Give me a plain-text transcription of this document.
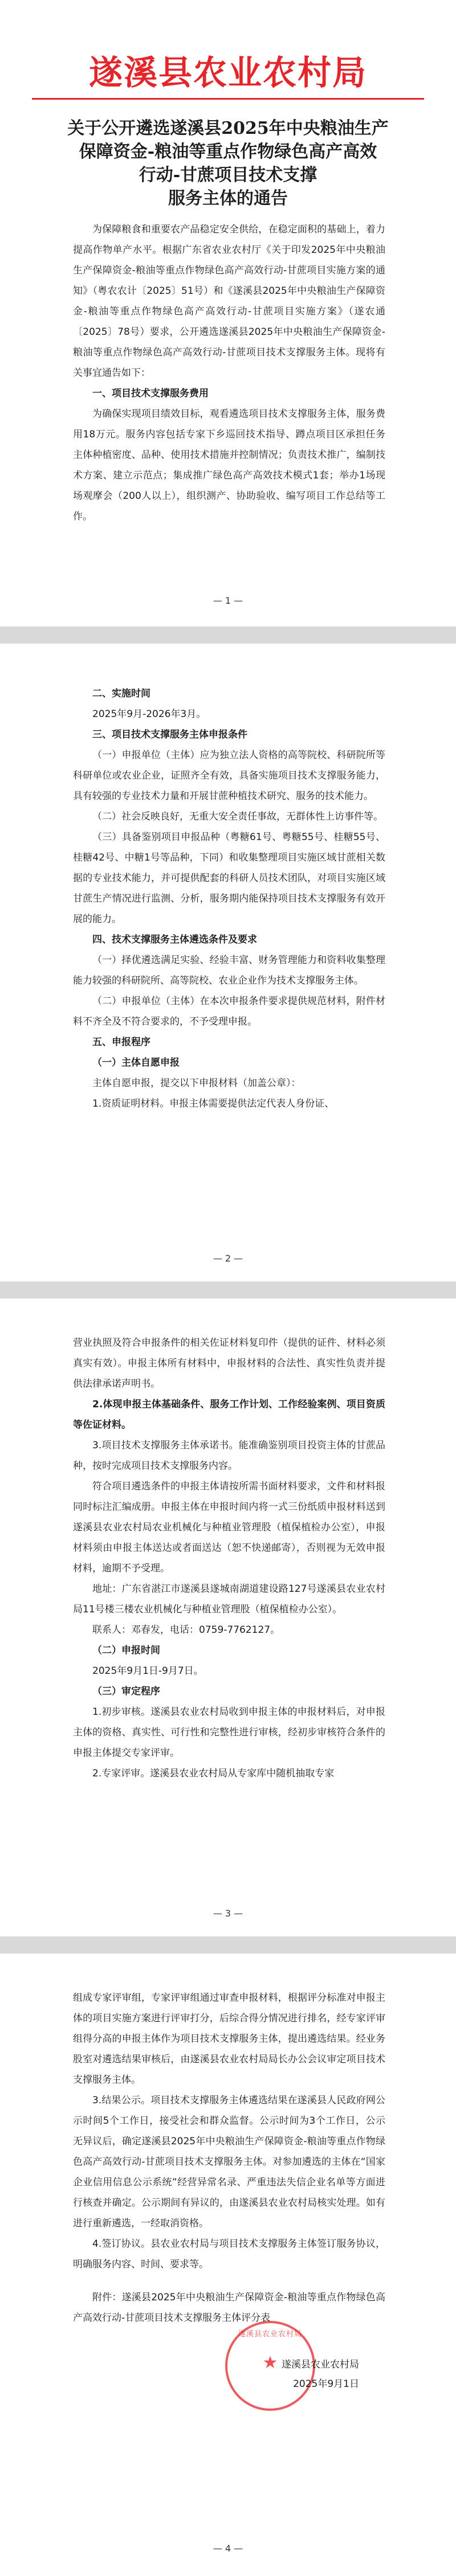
遂溪县农业农村局
关于公开遴选遂溪县2025年中央粮油生产
保障资金-粮油等重点作物绿色高产高效
行动-甘蔗项目技术支撑
服务主体的通告

为保障粮食和重要农产品稳定安全供给，在稳定面积的基础上，着力提高作物单产水平。根据广东省农业农村厅《关于印发2025年中央粮油生产保障资金-粮油等重点作物绿色高产高效行动-甘蔗项目实施方案的通知》（粤农农计〔2025〕51号）和《遂溪县2025年中央粮油生产保障资金-粮油等重点作物绿色高产高效行动-甘蔗项目实施方案》（遂农通〔2025〕78号）要求，公开遴选遂溪县2025年中央粮油生产保障资金-粮油等重点作物绿色高产高效行动-甘蔗项目技术支撑服务主体。现将有关事宜通告如下：

一、项目技术支撑服务费用

为确保实现项目绩效目标，观看遴选项目技术支撑服务主体，服务费用18万元。服务内容包括专家下乡巡回技术指导、蹲点项目区承担任务主体种植密度、品种、使用技术措施并控制情况；负责技术推广，编制技术方案、建立示范点；集成推广绿色高产高效技术模式1套；举办1场现场观摩会（200人以上），组织测产、协助验收、编写项目工作总结等工作。

— 1 —

二、实施时间

2025年9月-2026年3月。

三、项目技术支撑服务主体申报条件

（一）申报单位（主体）应为独立法人资格的高等院校、科研院所等科研单位或农业企业，证照齐全有效，具备实施项目技术支撑服务能力，具有较强的专业技术力量和开展甘蔗种植技术研究、服务的技术能力。

（二）社会反映良好，无重大安全责任事故，无群体性上访事件等。

（三）具备鉴别项目申报品种（粤糖61号、粤糖55号、桂糖55号、桂糖42号、中糖1号等品种，下同）和收集整理项目实施区域甘蔗相关数据的专业技术能力，并可提供配套的科研人员技术团队，对项目实施区域甘蔗生产情况进行监测、分析，服务期内能保持项目技术支撑服务有效开展的能力。

四、技术支撑服务主体遴选条件及要求

（一）择优遴选满足实验、经验丰富、财务管理能力和资料收集整理能力较强的科研院所、高等院校、农业企业作为技术支撑服务主体。

（二）申报单位（主体）在本次申报条件要求提供规范材料，附件材料不齐全及不符合要求的，不予受理申报。

五、申报程序

（一）主体自愿申报

主体自愿申报，提交以下申报材料（加盖公章）：

1.资质证明材料。申报主体需要提供法定代表人身份证、

— 2 —

营业执照及符合申报条件的相关佐证材料复印件（提供的证件、材料必须真实有效）。申报主体所有材料中，申报材料的合法性、真实性负责并提供法律承诺声明书。

2.体现申报主体基础条件、服务工作计划、工作经验案例、项目资质等佐证材料。

3.项目技术支撑服务主体承诺书。能准确鉴别项目投资主体的甘蔗品种，按时完成项目技术支撑服务内容。

符合项目遴选条件的申报主体请按所需书面材料要求，文件和材料报同时标注汇编成册。申报主体在申报时间内将一式三份纸质申报材料送到遂溪县农业农村局农业机械化与种植业管理股（植保植检办公室），申报材料须由申报主体送达或者面送达（恕不快递邮寄），否则视为无效申报材料，逾期不予受理。

地址：广东省湛江市遂溪县遂城南湖道建设路127号遂溪县农业农村局11号楼三楼农业机械化与种植业管理股（植保植检办公室）。

联系人：邓春发，电话：0759-7762127。

（二）申报时间

2025年9月1日-9月7日。

（三）审定程序

1.初步审核。遂溪县农业农村局收到申报主体的申报材料后，对申报主体的资格、真实性、可行性和完整性进行审核，经初步审核符合条件的申报主体提交专家评审。

2.专家评审。遂溪县农业农村局从专家库中随机抽取专家

— 3 —

组成专家评审组，专家评审组通过审查申报材料，根据评分标准对申报主体的项目实施方案进行评审打分，后综合得分情况进行排名，经专家评审组得分高的申报主体作为项目技术支撑服务主体，提出遴选结果。经业务股室对遴选结果审核后，由遂溪县农业农村局局长办公会议审定项目技术支撑服务主体。

3.结果公示。项目技术支撑服务主体遴选结果在遂溪县人民政府网公示时间5个工作日，接受社会和群众监督。公示时间为3个工作日，公示无异议后，确定遂溪县2025年中央粮油生产保障资金-粮油等重点作物绿色高产高效行动-甘蔗项目技术支撑服务主体。对参加遴选的主体在“国家企业信用信息公示系统”经营异常名录、严重违法失信企业名单等方面进行核查并确定。公示期间有异议的，由遂溪县农业农村局核实处理。如有进行重新遴选，一经取消资格。

4.签订协议。县农业农村局与项目技术支撑服务主体签订服务协议，明确服务内容、时间、要求等。

附件：遂溪县2025年中央粮油生产保障资金-粮油等重点作物绿色高产高效行动-甘蔗项目技术支撑服务主体评分表

遂溪县农业农村局
★ 遂溪县农业农村局
2025年9月1日
— 4 —
